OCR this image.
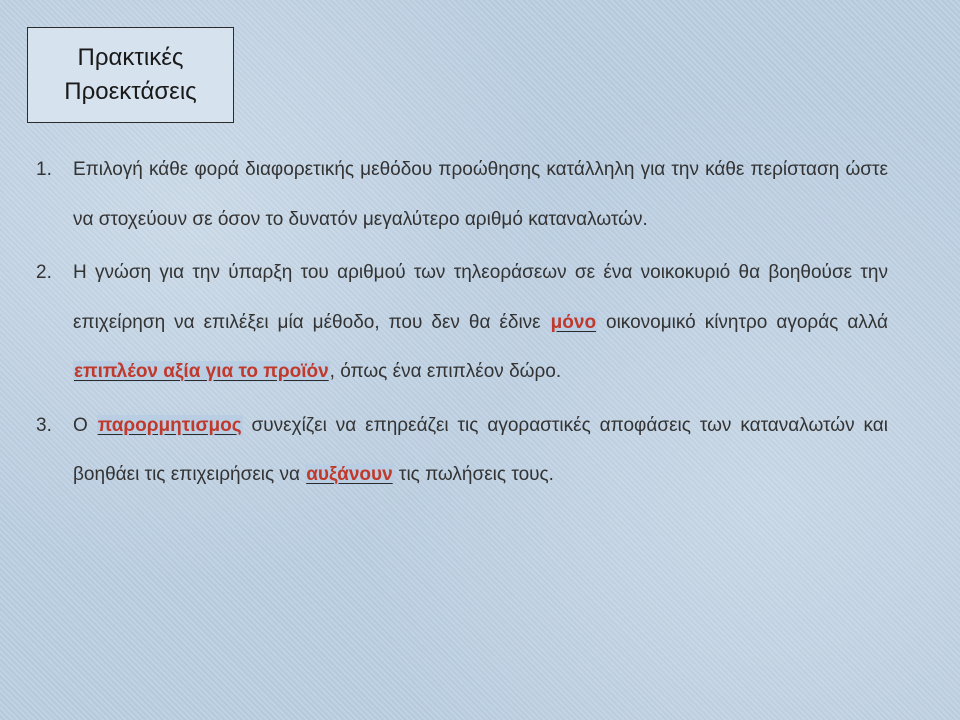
Πρακτικές
Προεκτάσεις
1. Επιλογή κάθε φορά διαφορετικής μεθόδου προώθησης κατάλληλη για την κάθε περίσταση ώστε να στοχεύουν σε όσον το δυνατόν μεγαλύτερο αριθμό καταναλωτών.
2. Η γνώση για την ύπαρξη του αριθμού των τηλεοράσεων σε ένα νοικοκυριό θα βοηθούσε την επιχείρηση να επιλέξει μία μέθοδο, που δεν θα έδινε μόνο οικονομικό κίνητρο αγοράς αλλά επιπλέον αξία για το προϊόν, όπως ένα επιπλέον δώρο.
3. Ο παρορμητισμος συνεχίζει να επηρεάζει τις αγοραστικές αποφάσεις των καταναλωτών και βοηθάει τις επιχειρήσεις να αυξάνουν τις πωλήσεις τους.
